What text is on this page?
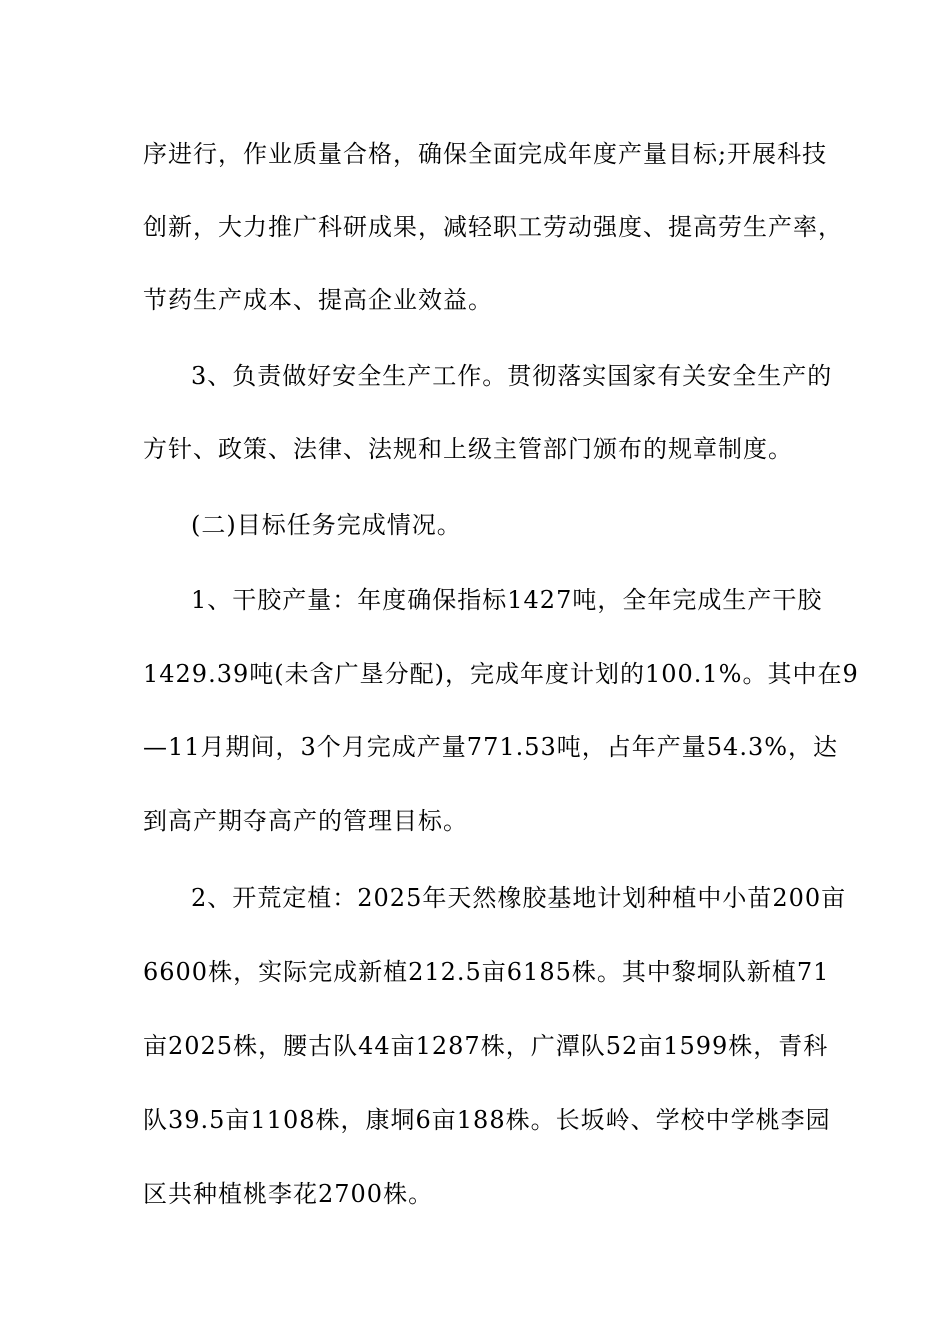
序进行，作业质量合格，确保全面完成年度产量目标;开展科技
创新，大力推广科研成果，减轻职工劳动强度、提高劳生产率，
节药生产成本、提高企业效益。
3、负责做好安全生产工作。贯彻落实国家有关安全生产的
方针、政策、法律、法规和上级主管部门颁布的规章制度。
(二)目标任务完成情况。
1、干胶产量：年度确保指标1427吨，全年完成生产干胶
1429.39吨(未含广垦分配)，完成年度计划的100.1%。其中在9
—11月期间，3个月完成产量771.53吨，占年产量54.3%，达
到高产期夺高产的管理目标。
2、开荒定植：2025年天然橡胶基地计划种植中小苗200亩
6600株，实际完成新植212.5亩6185株。其中黎垌队新植71
亩2025株，腰古队44亩1287株，广潭队52亩1599株，青科
队39.5亩1108株，康垌6亩188株。长坂岭、学校中学桃李园
区共种植桃李花2700株。
